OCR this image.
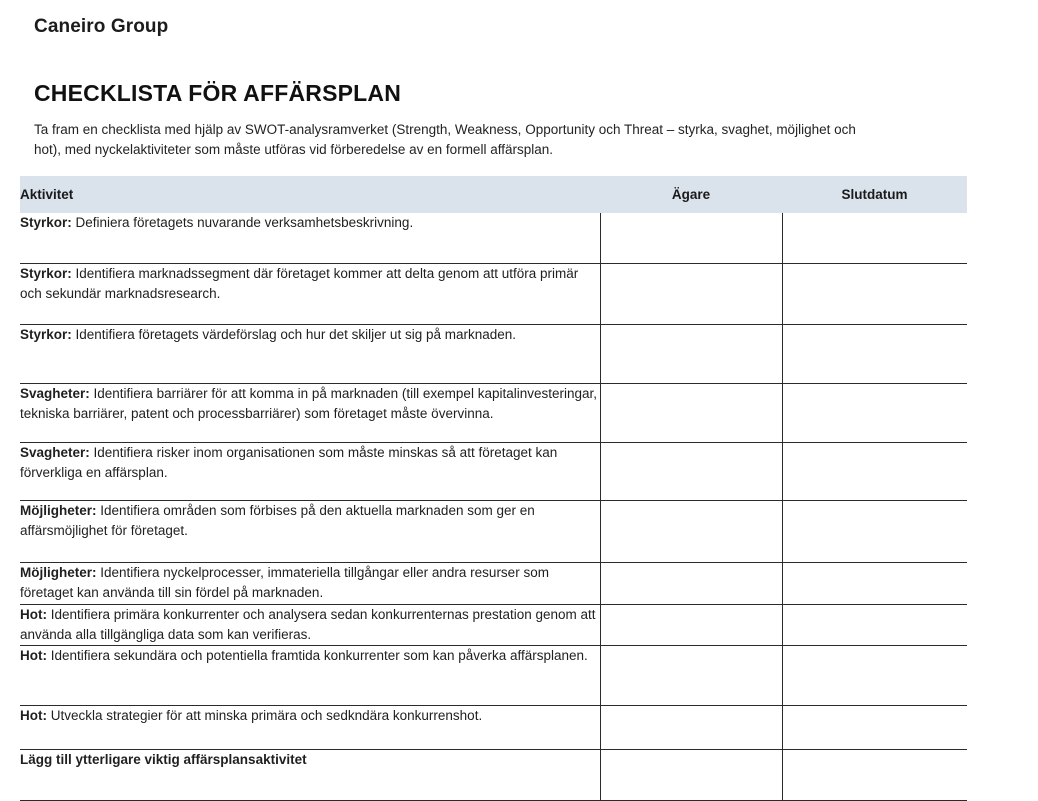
Caneiro Group
CHECKLISTA FÖR AFFÄRSPLAN
Ta fram en checklista med hjälp av SWOT-analysramverket (Strength, Weakness, Opportunity och Threat – styrka, svaghet, möjlighet och hot), med nyckelaktiviteter som måste utföras vid förberedelse av en formell affärsplan.
Aktivitet	Ägare	Slutdatum
Styrkor: Definiera företagets nuvarande verksamhetsbeskrivning.		
Styrkor: Identifiera marknadssegment där företaget kommer att delta genom att utföra primär och sekundär marknadsresearch.		
Styrkor: Identifiera företagets värdeförslag och hur det skiljer ut sig på marknaden.		
Svagheter: Identifiera barriärer för att komma in på marknaden (till exempel kapitalinvesteringar, tekniska barriärer, patent och processbarriärer) som företaget måste övervinna.		
Svagheter: Identifiera risker inom organisationen som måste minskas så att företaget kan förverkliga en affärsplan.		
Möjligheter: Identifiera områden som förbises på den aktuella marknaden som ger en affärsmöjlighet för företaget.		
Möjligheter: Identifiera nyckelprocesser, immateriella tillgångar eller andra resurser som företaget kan använda till sin fördel på marknaden.		
Hot: Identifiera primära konkurrenter och analysera sedan konkurrenternas prestation genom att använda alla tillgängliga data som kan verifieras.		
Hot: Identifiera sekundära och potentiella framtida konkurrenter som kan påverka affärsplanen.		
Hot: Utveckla strategier för att minska primära och sedkndära konkurrenshot.		
Lägg till ytterligare viktig affärsplansaktivitet		
